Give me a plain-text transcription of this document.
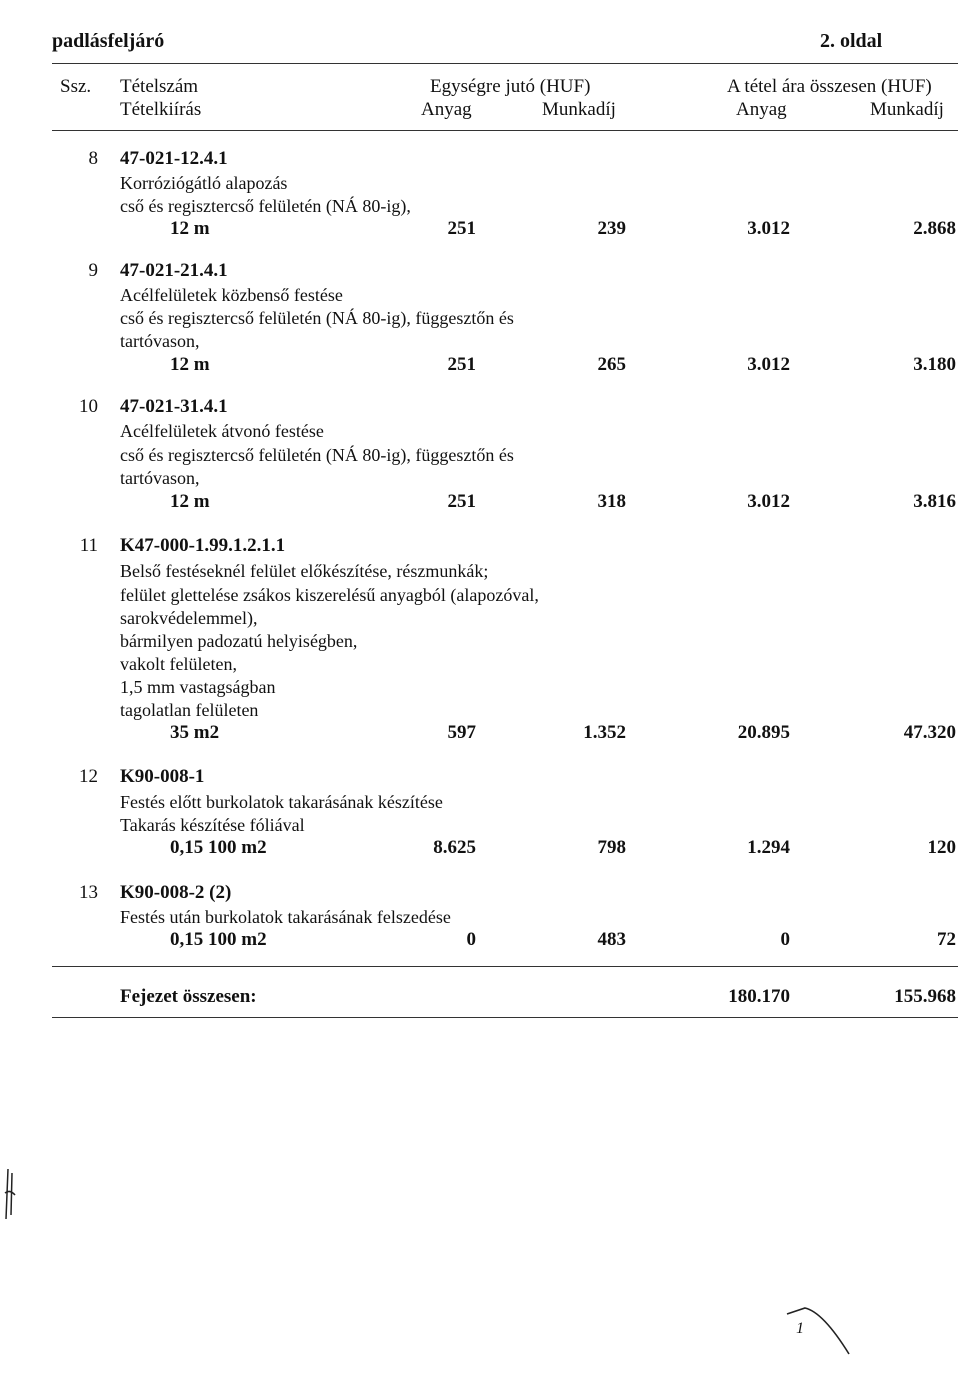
padlásfeljáró	2. oldal
Ssz. Tételszám
Tételkiírás
Egységre jutó (HUF)
Anyag	Munkadíj
A tétel ára összesen (HUF)
Anyag	Munkadíj
8 47-021-12.4.1
Korróziógátló alapozás
cső és regisztercső felületén (NÁ 80-ig),
12 m	251	239	3.012	2.868
9 47-021-21.4.1
Acélfelületek közbenső festése
cső és regisztercső felületén (NÁ 80-ig), függesztőn és
tartóvason,
12 m	251	265	3.012	3.180
10 47-021-31.4.1
Acélfelületek átvonó festése
cső és regisztercső felületén (NÁ 80-ig), függesztőn és
tartóvason,
12 m	251	318	3.012	3.816
11 K47-000-1.99.1.2.1.1
Belső festéseknél felület előkészítése, részmunkák;
felület glettelése zsákos kiszerelésű anyagból (alapozóval,
sarokvédelemmel),
bármilyen padozatú helyiségben,
vakolt felületen,
1,5 mm vastagságban
tagolatlan felületen
35 m2	597	1.352	20.895	47.320
12 K90-008-1
Festés előtt burkolatok takarásának készítése
Takarás készítése fóliával
0,15 100 m2	8.625	798	1.294	120
13 K90-008-2 (2)
Festés után burkolatok takarásának felszedése
0,15 100 m2	0	483	0	72
Fejezet összesen:	180.170	155.968
1
